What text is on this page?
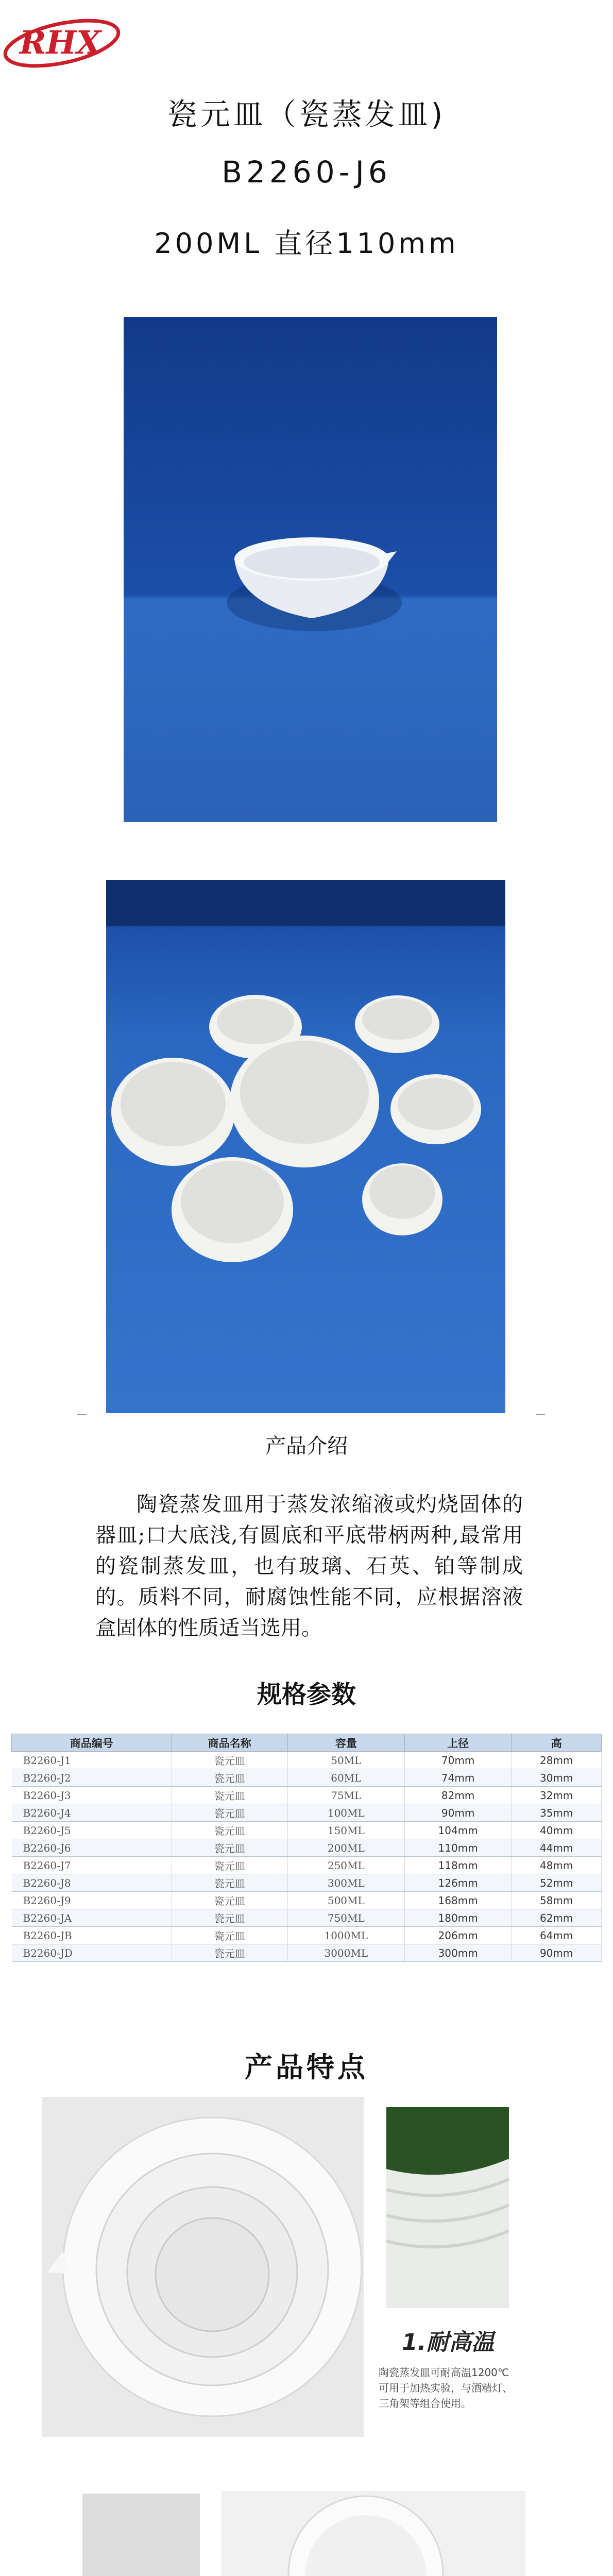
RHX
瓷元皿（瓷蒸发皿)
B2260-J6
200ML 直径110mm
产品介绍
陶瓷蒸发皿用于蒸发浓缩液或灼烧固体的器皿;口大底浅,有圆底和平底带柄两种,最常用的瓷制蒸发皿，也有玻璃、石英、铂等制成的。质料不同，耐腐蚀性能不同，应根据溶液盒固体的性质适当选用。
规格参数
商品编号	商品名称	容量	上径	高
B2260-J1	瓷元皿	50ML	70mm	28mm
B2260-J2	瓷元皿	60ML	74mm	30mm
B2260-J3	瓷元皿	75ML	82mm	32mm
B2260-J4	瓷元皿	100ML	90mm	35mm
B2260-J5	瓷元皿	150ML	104mm	40mm
B2260-J6	瓷元皿	200ML	110mm	44mm
B2260-J7	瓷元皿	250ML	118mm	48mm
B2260-J8	瓷元皿	300ML	126mm	52mm
B2260-J9	瓷元皿	500ML	168mm	58mm
B2260-JA	瓷元皿	750ML	180mm	62mm
B2260-JB	瓷元皿	1000ML	206mm	64mm
B2260-JD	瓷元皿	3000ML	300mm	90mm
产品特点
1.耐高温
陶瓷蒸发皿可耐高温1200℃
可用于加热实验，与酒精灯、
三角架等组合使用。
